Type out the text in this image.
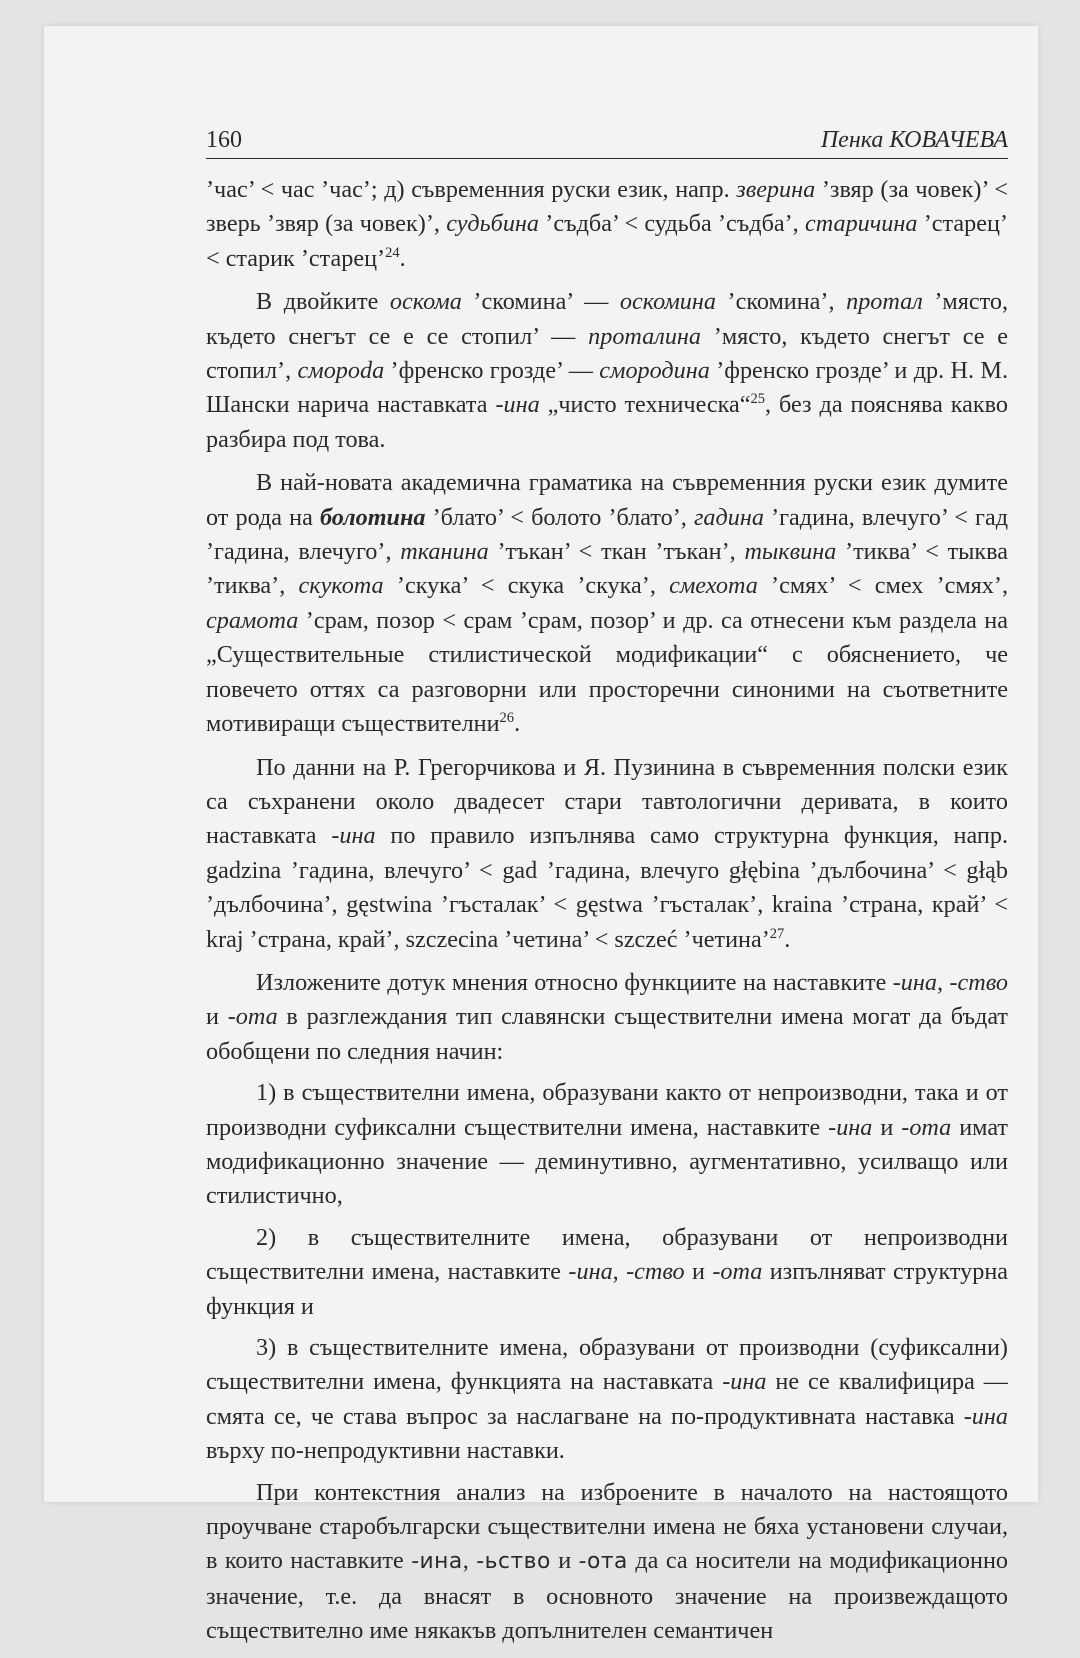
160	Пенка КОВАЧЕВА

’час’ < час ’час’; д) съвременния руски език, напр. зверина ’звяр (за човек)’ < зверь ’звяр (за човек)’, судьбина ’съдба’ < судьба ’съдба’, старичина ’старец’ < старик ’старец’$^{24}$.

В двойките оскома ’скомина’ — оскомина ’скомина’, протал ’място, където снегът се е се стопил’ — проталина ’място, където снегът се е стопил’, смороda ’френско грозде’ — смородина ’френско грозде’ и др. Н. М. Шански нарича наставката -ина „чисто техническа“$^{25}$, без да пояснява какво разбира под това.

В най-новата академична граматика на съвременния руски език думите от рода на болотина ’блато’ < болото ’блато’, гадина ’гадина, влечуго’ < гад ’гадина, влечуго’, тканина ’тъкан’ < ткан ’тъкан’, тыквина ’тиква’ < тыква ’тиква’, скукота ’скука’ < скука ’скука’, смехота ’смях’ < смех ’смях’, срамота ’срам, позор < срам ’срам, позор’ и др. са отнесени към раздела на „Существительные стилистической модификации“ с обяснението, че повечето оттях са разговорни или просторечни синоними на съответните мотивиращи съществителни$^{26}$.

По данни на Р. Грегорчикова и Я. Пузинина в съвременния полски език са съхранени около двадесет стари тавтологични деривата, в които наставката -ина по правило изпълнява само структурна функция, напр. gadzina ’гадина, влечуго’ < gad ’гадина, влечуго głębina ’дълбочина’ < głąb ’дълбочина’, gęstwina ’гъсталак’ < gęstwa ’гъсталак’, kraina ’страна, край’ < kraj ’страна, край’, szczecina ’четина’ < szczeć ’четина’$^{27}$.

Изложените дотук мнения относно функциите на наставките -ина, -ство и -ота в разглеждания тип славянски съществителни имена могат да бъдат обобщени по следния начин:

1) в съществителни имена, образувани както от непроизводни, така и от производни суфиксални съществителни имена, наставките -ина и -ота имат модификационно значение — деминутивно, аугментативно, усилващо или стилистично,

2) в съществителните имена, образувани от непроизводни съществителни имена, наставките -ина, -ство и -ота изпълняват структурна функция и

3) в съществителните имена, образувани от производни (суфиксални) съществителни имена, функцията на наставката -ина не се квалифицира — смята се, че става въпрос за наслагване на по-продуктивната наставка -ина върху по-непродуктивни наставки.

При контекстния анализ на изброените в началото на настоящото проучване старобългарски съществителни имена не бяха установени случаи, в които наставките -ина, -ьство и -ота да са носители на модификационно значение, т.е. да внасят в основното значение на произвеждащото съществително име някакъв допълнителен семантичен
